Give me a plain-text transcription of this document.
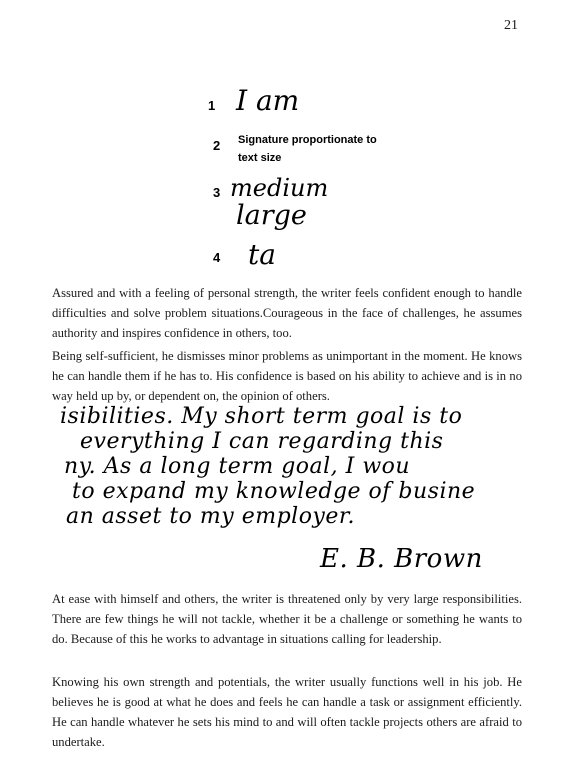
21
1 I am
2 Signature proportionate to text size
3 medium
large
4 ta

Assured and with a feeling of personal strength, the writer feels confident enough to handle difficulties and solve problem situations.Courageous in the face of challenges, he assumes authority and inspires confidence in others, too.

Being self-sufficient, he dismisses minor problems as unimportant in the moment. He knows he can handle them if he has to. His confidence is based on his ability to achieve and is in no way held up by, or dependent on, the opinion of others.

isibilities. My short term goal is to
everything I can regarding this
ny. As a long term goal, I wou
to expand my knowledge of busine
an asset to my employer.
E. B. Brown

At ease with himself and others, the writer is threatened only by very large responsibilities. There are few things he will not tackle, whether it be a challenge or something he wants to do. Because of this he works to advantage in situations calling for leadership.

Knowing his own strength and potentials, the writer usually functions well in his job. He believes he is good at what he does and feels he can handle a task or assignment efficiently. He can handle whatever he sets his mind to and will often tackle projects others are afraid to undertake.
